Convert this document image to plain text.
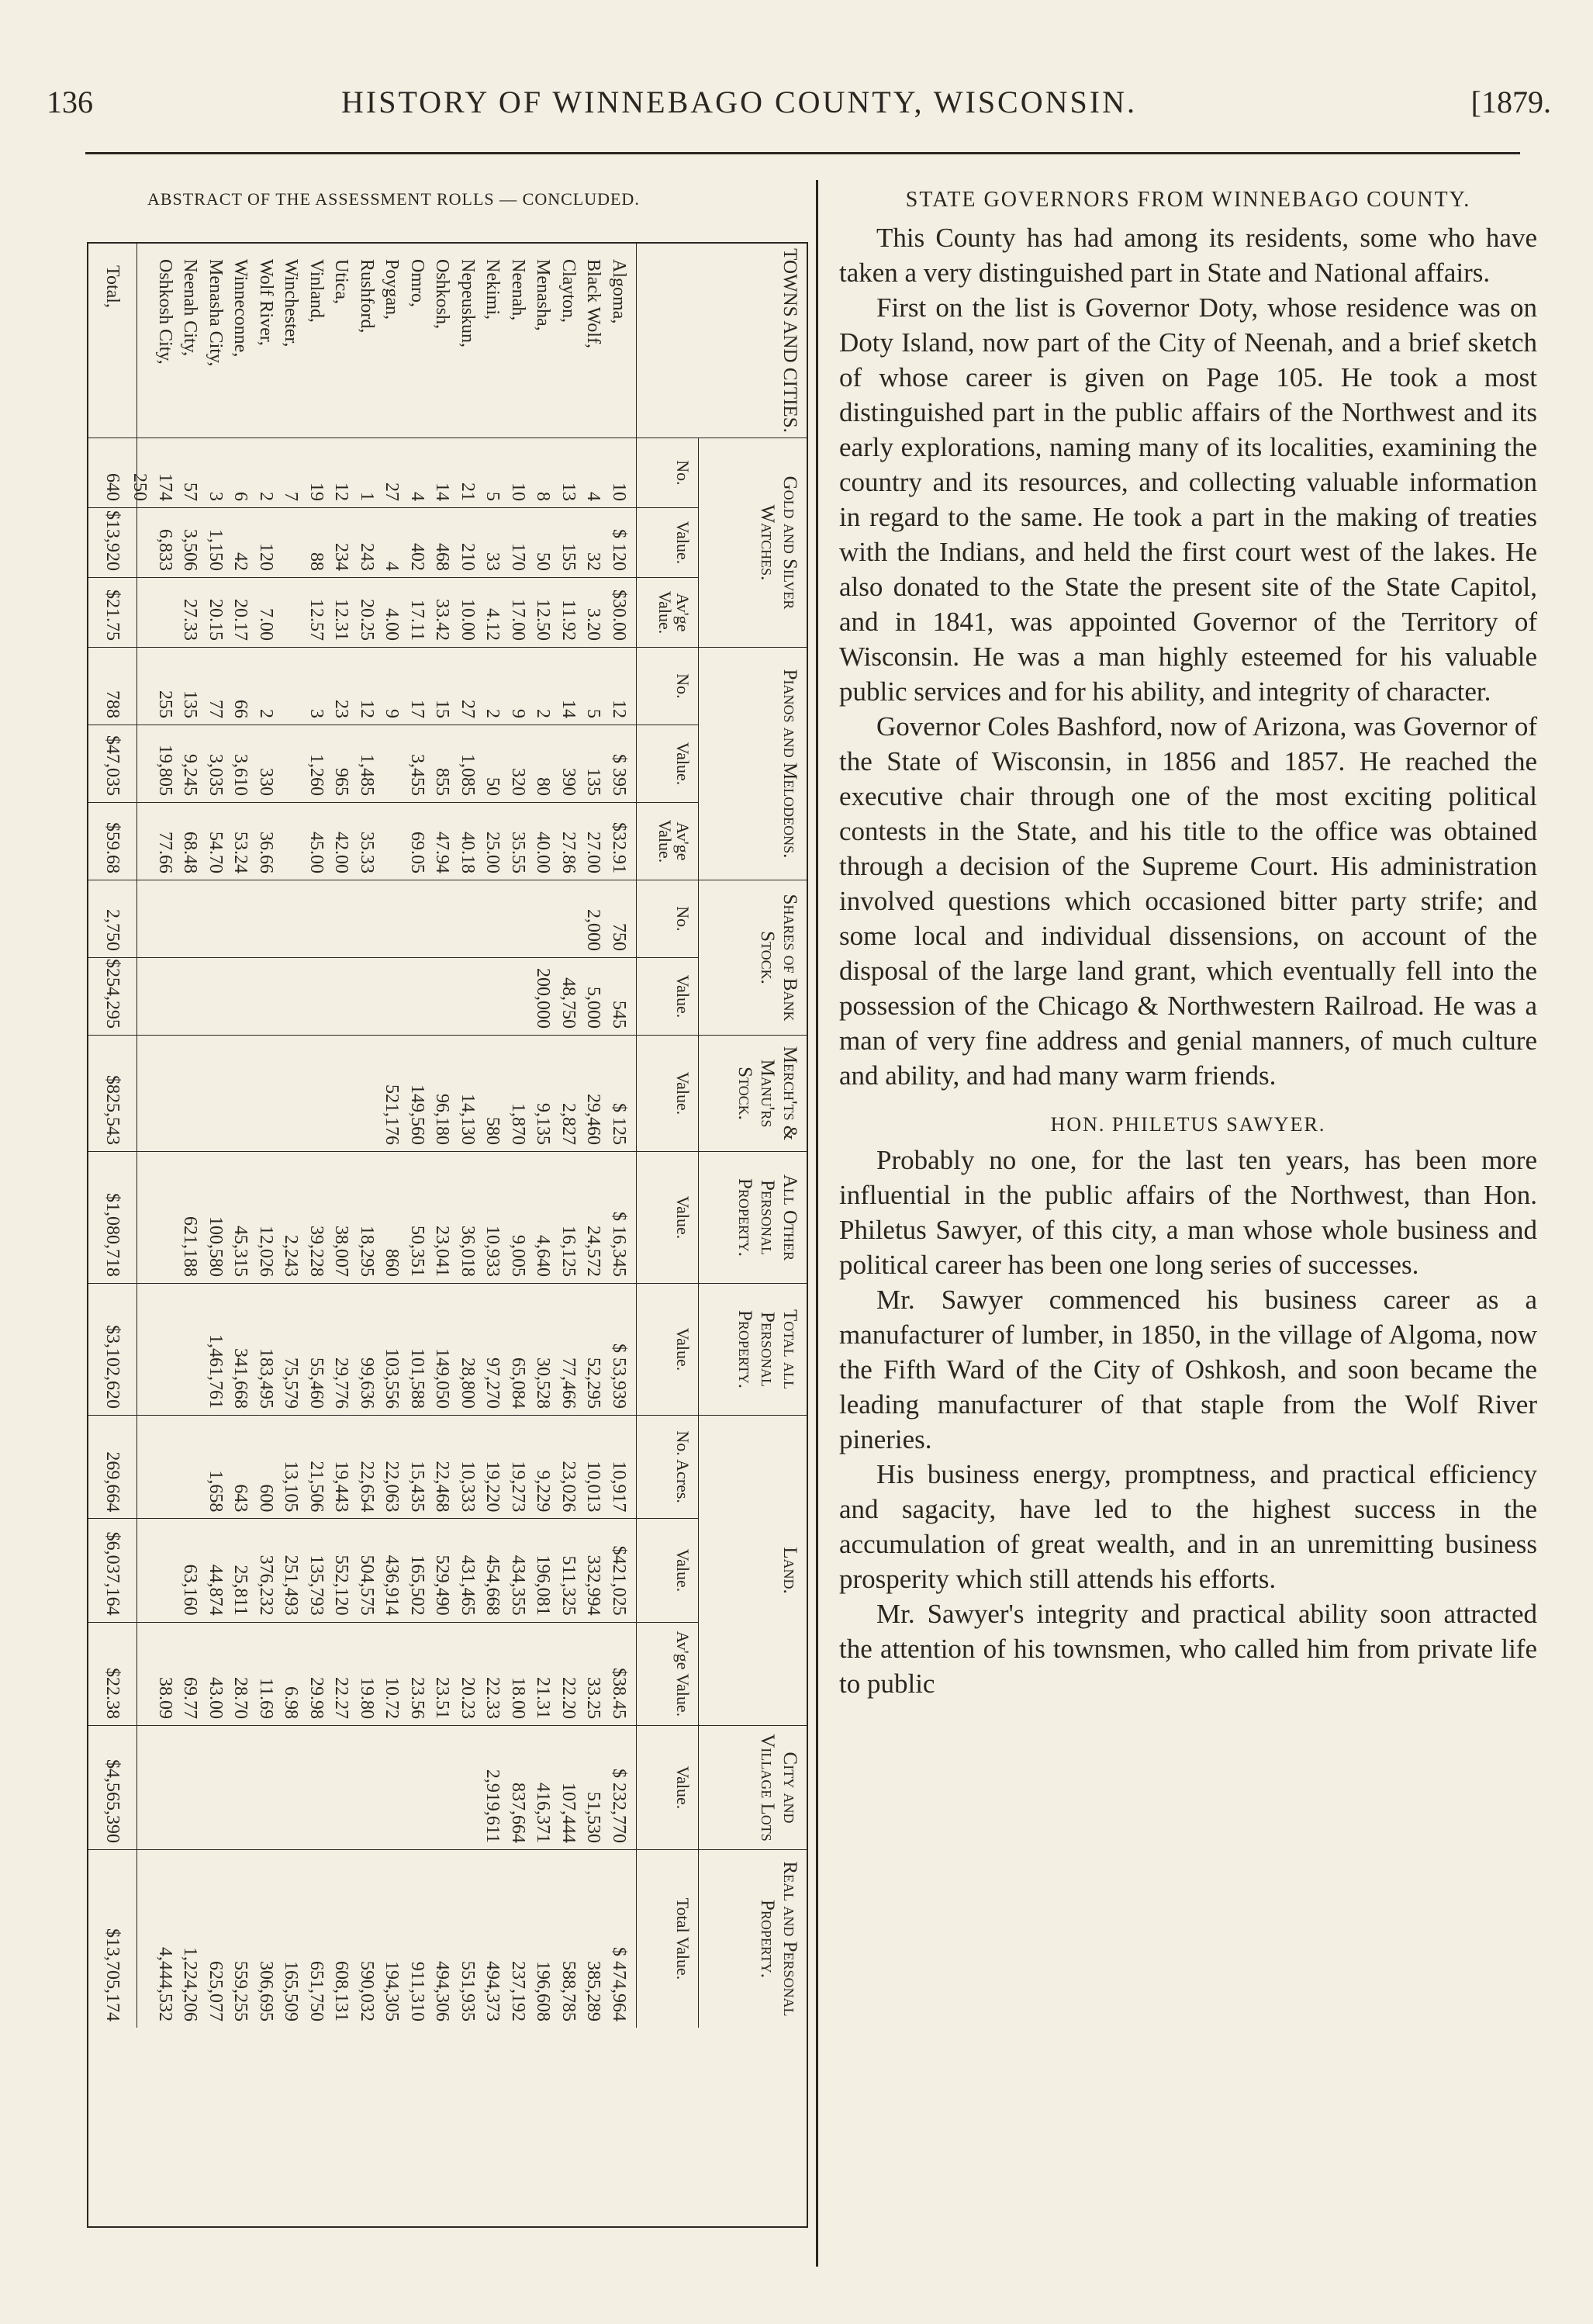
136	HISTORY OF WINNEBAGO COUNTY, WISCONSIN.	[1879.
ABSTRACT OF THE ASSESSMENT ROLLS — CONCLUDED.
TOWNS AND CITIES.
Algoma,
Black Wolf,
Clayton,
Menasha,
Neenah,
Nekimi,
Nepeuskun,
Oshkosh,
Omro,
Poygan,
Rushford,
Utica,
Vinland,
Winchester,
Wolf River,
Winneconne,
Menasha City,
Neenah City,
Oshkosh City,
Total,
Gold and Silver Watches.
No.
Value.
Av'ge Value.
10
4
13
8
10
5
21
14
4
27
1
12
19
7
2
6
3
57
174
250
$ 120
32
155
50
170
33
210
468
402
4
243
234
88
120
42
1,150
3,506
6,833
$30.00
3.20
11.92
12.50
17.00
4.12
10.00
33.42
17.11
4.00
20.25
12.31
12.57
7.00
20.17
20.15
27.33
640
$13,920
$21.75
Pianos and Melodeons.
No.
Value.
Av'ge Value.
12
5
14
2
9
2
27
15
17
9
12
23
3
2
66
77
135
255
$ 395
135
390
80
320
50
1,085
855
3,455
1,485
965
1,260
330
3,610
3,035
9,245
19,805
$32.91
27.00
27.86
40.00
35.55
25.00
40.18
47.94
69.05
35.33
42.00
45.00
36.66
53.24
54.70
68.48
77.66
788
$47,035
$59.68
Shares of Bank Stock.
No.
Value.
750
2,000
545
5,000
48,750
200,000
2,750
$254,295
Merch'ts & Manu'rs Stock.
Value.
$ 125
29,460
2,827
9,135
1,870
580
14,130
96,180
149,560
521,176
$825,543
All Other Personal Property.
Value.
$ 16,345
24,572
16,125
4,640
9,005
10,933
36,018
23,041
50,351
860
18,295
38,007
39,228
2,243
12,026
45,315
100,580
621,188
$1,080,718
Total all Personal Property.
Value.
$ 53,939
52,295
77,466
30,528
65,084
97,270
28,800
149,050
101,588
103,556
99,636
29,776
55,460
75,579
183,495
341,668
1,461,761
$3,102,620
Land.
No. Acres.
Value.
Av'ge Value.
10,917
10,013
23,026
9,229
19,273
19,220
10,333
22,468
15,435
22,063
22,654
19,443
21,506
13,105
600
643
1,658
$421,025
332,994
511,325
196,081
434,355
454,668
431,465
529,490
165,502
436,914
504,575
552,120
135,793
251,493
376,232
25,811
44,874
63,160
$38.45
33.25
22.20
21.31
18.00
22.33
20.23
23.51
23.56
10.72
19.80
22.27
29.98
6.98
11.69
28.70
43.00
69.77
38.09
269,664
$6,037,164
$22.38
City and Village Lots
Value.
$ 232,770
51,530
107,444
416,371
837,664
2,919,611
$4,565,390
Real and Personal Property.
Total Value.
$ 474,964
385,289
588,785
196,608
237,192
494,373
551,935
494,306
911,310
194,305
590,032
608,131
651,750
165,509
306,695
559,255
625,077
1,224,206
4,444,532
$13,705,174
STATE GOVERNORS FROM WINNEBAGO COUNTY.

This County has had among its residents, some who have taken a very distinguished part in State and National affairs.

First on the list is Governor Doty, whose residence was on Doty Island, now part of the City of Neenah, and a brief sketch of whose career is given on Page 105. He took a most distinguished part in the public affairs of the Northwest and its early explorations, naming many of its localities, examining the country and its resources, and collecting valuable information in regard to the same. He took a part in the making of treaties with the Indians, and held the first court west of the lakes. He also donated to the State the present site of the State Capitol, and in 1841, was appointed Governor of the Territory of Wisconsin. He was a man highly esteemed for his valuable public services and for his ability, and integrity of character.

Governor Coles Bashford, now of Arizona, was Governor of the State of Wisconsin, in 1856 and 1857. He reached the executive chair through one of the most exciting political contests in the State, and his title to the office was obtained through a decision of the Supreme Court. His administration involved questions which occasioned bitter party strife; and some local and individual dissensions, on account of the disposal of the large land grant, which eventually fell into the possession of the Chicago & Northwestern Railroad. He was a man of very fine address and genial manners, of much culture and ability, and had many warm friends.

HON. PHILETUS SAWYER.

Probably no one, for the last ten years, has been more influential in the public affairs of the Northwest, than Hon. Philetus Sawyer, of this city, a man whose whole business and political career has been one long series of successes.

Mr. Sawyer commenced his business career as a manufacturer of lumber, in 1850, in the village of Algoma, now the Fifth Ward of the City of Oshkosh, and soon became the leading manufacturer of that staple from the Wolf River pineries.

His business energy, promptness, and practical efficiency and sagacity, have led to the highest success in the accumulation of great wealth, and in an unremitting business prosperity which still attends his efforts.

Mr. Sawyer's integrity and practical ability soon attracted the attention of his townsmen, who called him from private life to public
